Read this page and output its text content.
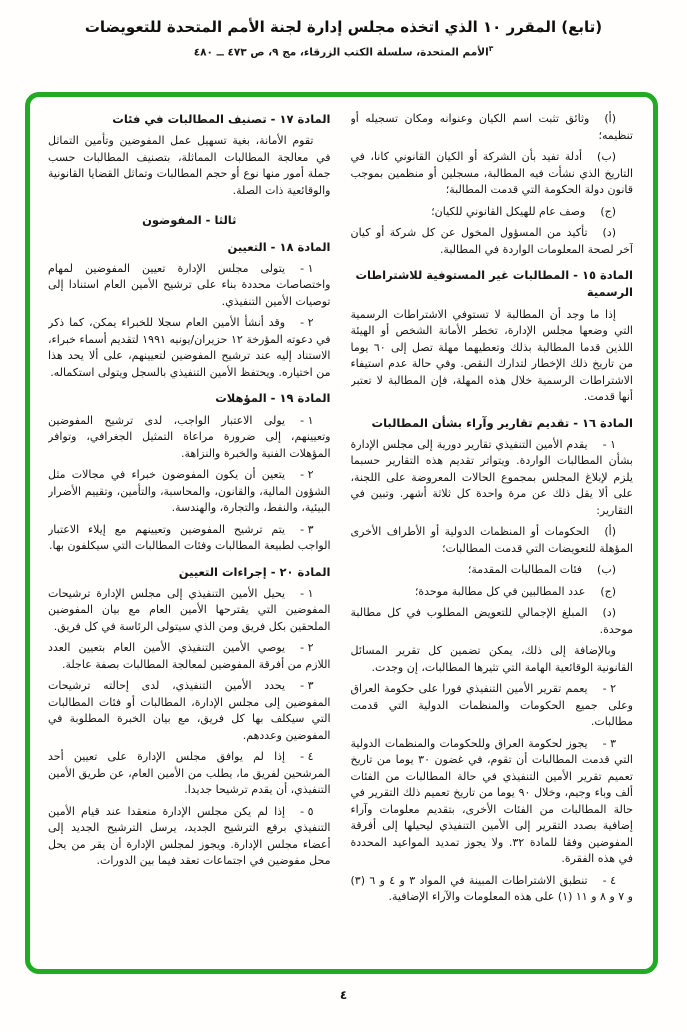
(تابع) المقرر ١٠ الذي اتخذه مجلس إدارة لجنة الأمم المتحدة للتعويضات
$^٣$الأمم المتحدة، سلسلة الكتب الزرقاء، مج ٩، ص ٤٧٣ ــ ٤٨٠

(أ)وثائق تثبت اسم الكيان وعنوانه ومكان تسجيله أو تنظيمه؛

(ب)أدلة تفيد بأن الشركة أو الكيان القانوني كانا، في التاريخ الذي نشأت فيه المطالبة، مسجلين أو منظمين بموجب قانون دولة الحكومة التي قدمت المطالبة؛

(ج)وصف عام للهيكل القانوني للكيان؛

(د)تأكيد من المسؤول المخول عن كل شركة أو كيان آخر لصحة المعلومات الواردة في المطالبة.

المادة ١٥ - المطالبات غير المستوفية للاشتراطات الرسمية

إذا ما وجد أن المطالبة لا تستوفي الاشتراطات الرسمية التي وضعها مجلس الإدارة، تخطر الأمانة الشخص أو الهيئة اللذين قدما المطالبة بذلك وتعطيهما مهلة تصل إلى ٦٠ يوما من تاريخ ذلك الإخطار لتدارك النقص. وفي حالة عدم استيفاء الاشتراطات الرسمية خلال هذه المهلة، فإن المطالبة لا تعتبر أنها قدمت.

المادة ١٦ - تقديم تقارير وآراء بشأن المطالبات

١ -يقدم الأمين التنفيذي تقارير دورية إلى مجلس الإدارة بشأن المطالبات الواردة. ويتواتر تقديم هذه التقارير حسبما يلزم لإبلاغ المجلس بمجموع الحالات المعروضة على اللجنة، على ألا يقل ذلك عن مرة واحدة كل ثلاثة أشهر. وتبين في التقارير:

(أ)الحكومات أو المنظمات الدولية أو الأطراف الأخرى المؤهلة للتعويضات التي قدمت المطالبات؛

(ب)فئات المطالبات المقدمة؛

(ج)عدد المطالبين في كل مطالبة موحدة؛

(د)المبلغ الإجمالي للتعويض المطلوب في كل مطالبة موحدة.

وبالإضافة إلى ذلك، يمكن تضمين كل تقرير المسائل القانونية الوقائعية الهامة التي تثيرها المطالبات، إن وجدت.

٢ -يعمم تقرير الأمين التنفيذي فورا على حكومة العراق وعلى جميع الحكومات والمنظمات الدولية التي قدمت مطالبات.

٣ -يجوز لحكومة العراق وللحكومات والمنظمات الدولية التي قدمت المطالبات أن تقوم، في غضون ٣٠ يوما من تاريخ تعميم تقرير الأمين التنفيذي في حالة المطالبات من الفئات ألف وباء وجيم، وخلال ٩٠ يوما من تاريخ تعميم ذلك التقرير في حالة المطالبات من الفئات الأخرى، بتقديم معلومات وآراء إضافية بصدد التقرير إلى الأمين التنفيذي ليحيلها إلى أفرقة المفوضين وفقا للمادة ٣٢. ولا يجوز تمديد المواعيد المحددة في هذه الفقرة.

٤ -تنطبق الاشتراطات المبينة في المواد ٣ و ٤ و ٦ (٣) و ٧ و ٨ و ١١ (١) على هذه المعلومات والآراء الإضافية.

المادة ١٧ - تصنيف المطالبات في فئات

تقوم الأمانة، بغية تسهيل عمل المفوضين وتأمين التماثل في معالجة المطالبات المماثلة، بتصنيف المطالبات حسب جملة أمور منها نوع أو حجم المطالبات وتماثل القضايا القانونية والوقائعية ذات الصلة.

ثالثا - المفوضون
المادة ١٨ - التعيين

١ -يتولى مجلس الإدارة تعيين المفوضين لمهام واختصاصات محددة بناء على ترشيح الأمين العام استنادا إلى توصيات الأمين التنفيذي.

٢ -وقد أنشأ الأمين العام سجلا للخبراء يمكن، كما ذكر في دعوته المؤرخة ١٢ حزيران/يونيه ١٩٩١ لتقديم أسماء خبراء، الاستناد إليه عند ترشيح المفوضين لتعيينهم، على ألا يحد هذا من اختياره. ويحتفظ الأمين التنفيذي بالسجل ويتولى استكماله.

المادة ١٩ - المؤهلات

١ -يولى الاعتبار الواجب، لدى ترشيح المفوضين وتعيينهم، إلى ضرورة مراعاة التمثيل الجغرافي، وتوافر المؤهلات الفنية والخبرة والنزاهة.

٢ -يتعين أن يكون المفوضون خبراء في مجالات مثل الشؤون المالية، والقانون، والمحاسبة، والتأمين، وتقييم الأضرار البيئية، والنفط، والتجارة، والهندسة.

٣ -يتم ترشيح المفوضين وتعيينهم مع إيلاء الاعتبار الواجب لطبيعة المطالبات وفئات المطالبات التي سيكلفون بها.

المادة ٢٠ - إجراءات التعيين

١ -يحيل الأمين التنفيذي إلى مجلس الإدارة ترشيحات المفوضين التي يقترحها الأمين العام مع بيان المفوضين الملحقين بكل فريق ومن الذي سيتولى الرئاسة في كل فريق.

٢ -يوصي الأمين التنفيذي الأمين العام بتعيين العدد اللازم من أفرقة المفوضين لمعالجة المطالبات بصفة عاجلة.

٣ -يحدد الأمين التنفيذي، لدى إحالته ترشيحات المفوضين إلى مجلس الإدارة، المطالبات أو فئات المطالبات التي سيكلف بها كل فريق، مع بيان الخبرة المطلوبة في المفوضين وعددهم.

٤ -إذا لم يوافق مجلس الإدارة على تعيين أحد المرشحين لفريق ما، يطلب من الأمين العام، عن طريق الأمين التنفيذي، أن يقدم ترشيحا جديدا.

٥ -إذا لم يكن مجلس الإدارة منعقدا عند قيام الأمين التنفيذي برفع الترشيح الجديد، يرسل الترشيح الجديد إلى أعضاء مجلس الإدارة. ويجوز لمجلس الإدارة أن يقر من يحل محل مفوضين في اجتماعات تعقد فيما بين الدورات.

٤
